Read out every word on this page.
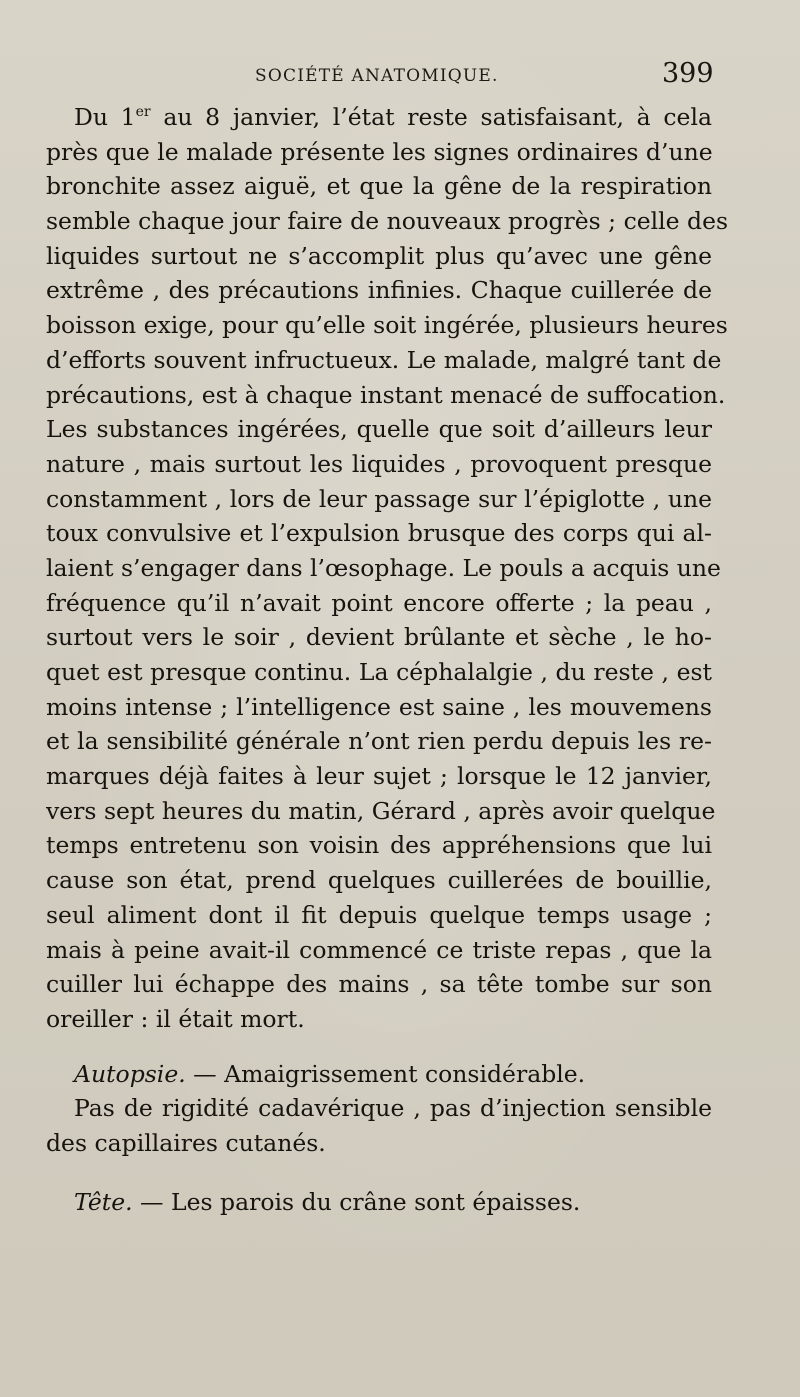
SOCIÉTÉ ANATOMIQUE.	399
Du 1er au 8 janvier, l’état reste satisfaisant, à cela
près que le malade présente les signes ordinaires d’une
bronchite assez aiguë, et que la gêne de la respiration
semble chaque jour faire de nouveaux progrès ; celle des
liquides surtout ne s’accomplit plus qu’avec une gêne
extrême , des précautions infinies. Chaque cuillerée de
boisson exige, pour qu’elle soit ingérée, plusieurs heures
d’efforts souvent infructueux. Le malade, malgré tant de
précautions, est à chaque instant menacé de suffocation.
Les substances ingérées, quelle que soit d’ailleurs leur
nature , mais surtout les liquides , provoquent presque
constamment , lors de leur passage sur l’épiglotte , une
toux convulsive et l’expulsion brusque des corps qui al-
laient s’engager dans l’œsophage. Le pouls a acquis une
fréquence qu’il n’avait point encore offerte ; la peau ,
surtout vers le soir , devient brûlante et sèche , le ho-
quet est presque continu. La céphalalgie , du reste , est
moins intense ; l’intelligence est saine , les mouvemens
et la sensibilité générale n’ont rien perdu depuis les re-
marques déjà faites à leur sujet ; lorsque le 12 janvier,
vers sept heures du matin, Gérard , après avoir quelque
temps entretenu son voisin des appréhensions que lui
cause son état, prend quelques cuillerées de bouillie,
seul aliment dont il fit depuis quelque temps usage ;
mais à peine avait-il commencé ce triste repas , que la
cuiller lui échappe des mains , sa tête tombe sur son
oreiller : il était mort.
Autopsie. — Amaigrissement considérable.
Pas de rigidité cadavérique , pas d’injection sensible
des capillaires cutanés.
Tête. — Les parois du crâne sont épaisses.
